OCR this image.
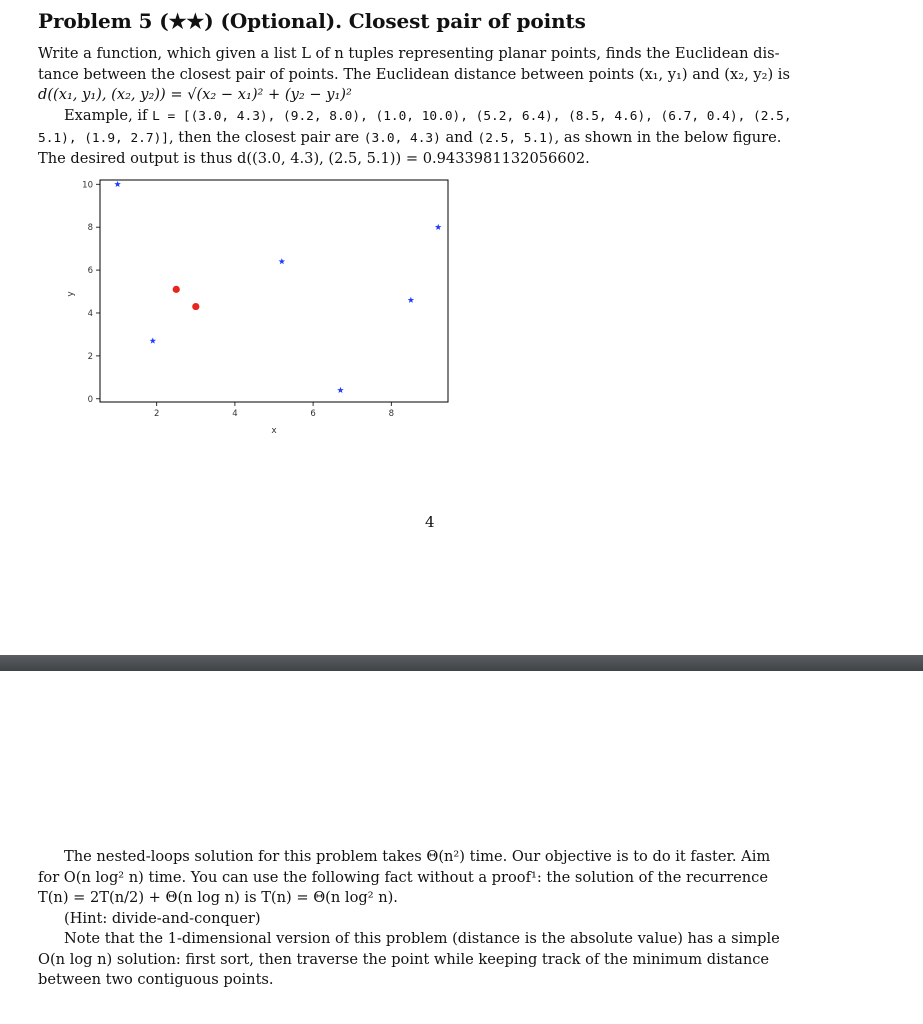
Problem 5 (★★) (Optional). Closest pair of points
Write a function, which given a list L of n tuples representing planar points, finds the Euclidean dis-
tance between the closest pair of points. The Euclidean distance between points (x₁, y₁) and (x₂, y₂) is
d((x₁, y₁), (x₂, y₂)) = √(x₂ − x₁)² + (y₂ − y₁)²
Example, if L = [(3.0, 4.3), (9.2, 8.0), (1.0, 10.0), (5.2, 6.4), (8.5, 4.6), (6.7, 0.4), (2.5,
5.1), (1.9, 2.7)], then the closest pair are (3.0, 4.3) and (2.5, 5.1), as shown in the below figure.
The desired output is thus d((3.0, 4.3), (2.5, 5.1)) = 0.9433981132056602.
2	4	6	8
0
2
4
6
8
10
x
y
4
The nested-loops solution for this problem takes Θ(n²) time. Our objective is to do it faster. Aim
for O(n log² n) time. You can use the following fact without a proof¹: the solution of the recurrence
T(n) = 2T(n/2) + Θ(n log n) is T(n) = Θ(n log² n).
(Hint: divide-and-conquer)
Note that the 1-dimensional version of this problem (distance is the absolute value) has a simple
O(n log n) solution: first sort, then traverse the point while keeping track of the minimum distance
between two contiguous points.
